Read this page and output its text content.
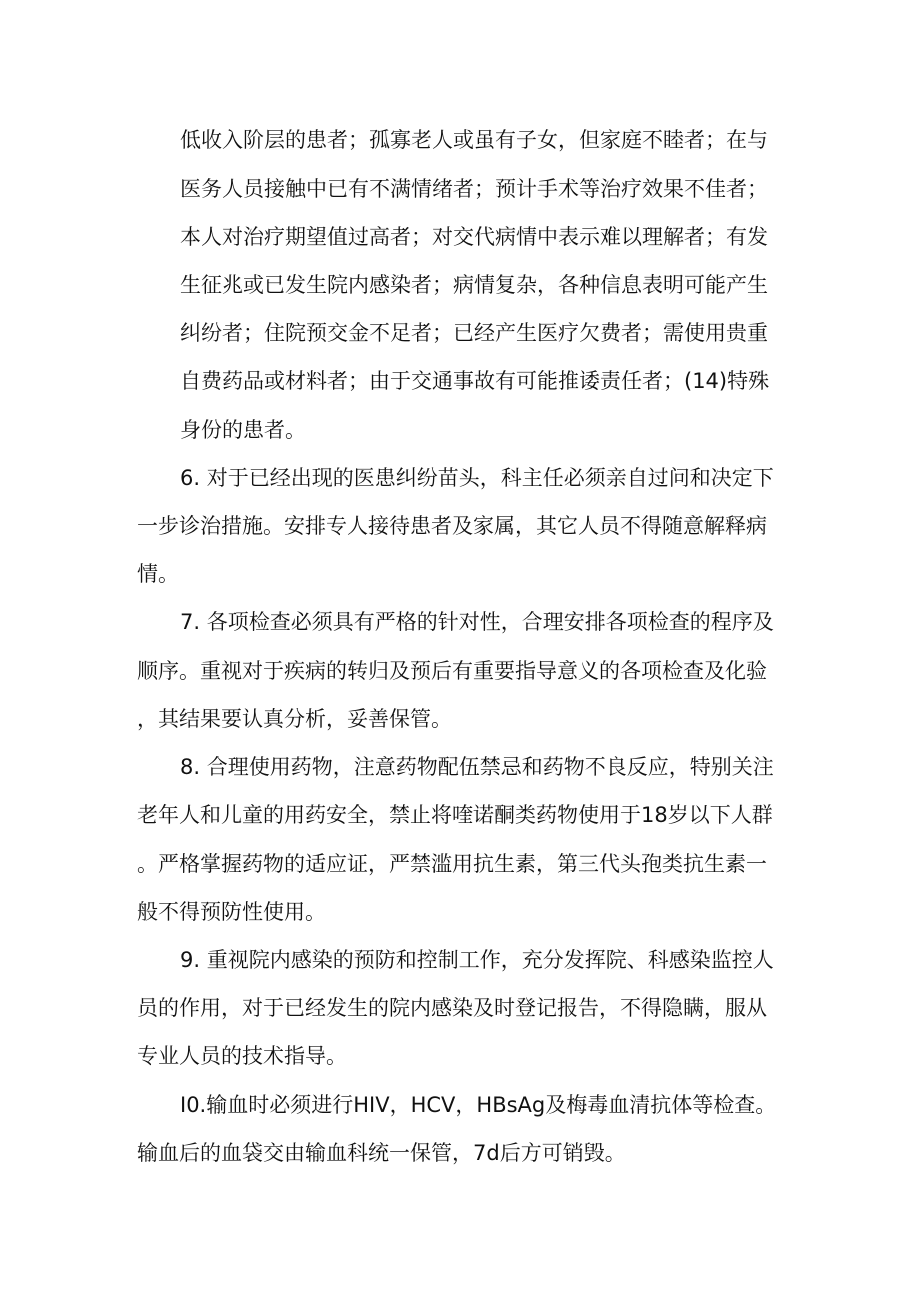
低收入阶层的患者；孤寡老人或虽有子女，但家庭不睦者；在与
医务人员接触中已有不满情绪者；预计手术等治疗效果不佳者；
本人对治疗期望值过高者；对交代病情中表示难以理解者；有发
生征兆或已发生院内感染者；病情复杂，各种信息表明可能产生
纠纷者；住院预交金不足者；已经产生医疗欠费者；需使用贵重
自费药品或材料者；由于交通事故有可能推诿责任者；(14)特殊
身份的患者。
6. 对于已经出现的医患纠纷苗头，科主任必须亲自过问和决定下
一步诊治措施。安排专人接待患者及家属，其它人员不得随意解释病
情。
7. 各项检查必须具有严格的针对性，合理安排各项检查的程序及
顺序。重视对于疾病的转归及预后有重要指导意义的各项检查及化验
，其结果要认真分析，妥善保管。
8. 合理使用药物，注意药物配伍禁忌和药物不良反应，特别关注
老年人和儿童的用药安全，禁止将喹诺酮类药物使用于18岁以下人群
。严格掌握药物的适应证，严禁滥用抗生素，第三代头孢类抗生素一
般不得预防性使用。
9. 重视院内感染的预防和控制工作，充分发挥院、科感染监控人
员的作用，对于已经发生的院内感染及时登记报告，不得隐瞒，服从
专业人员的技术指导。
I0.输血时必须进行HIV，HCV，HBsAg及梅毒血清抗体等检查。
输血后的血袋交由输血科统一保管，7d后方可销毁。
